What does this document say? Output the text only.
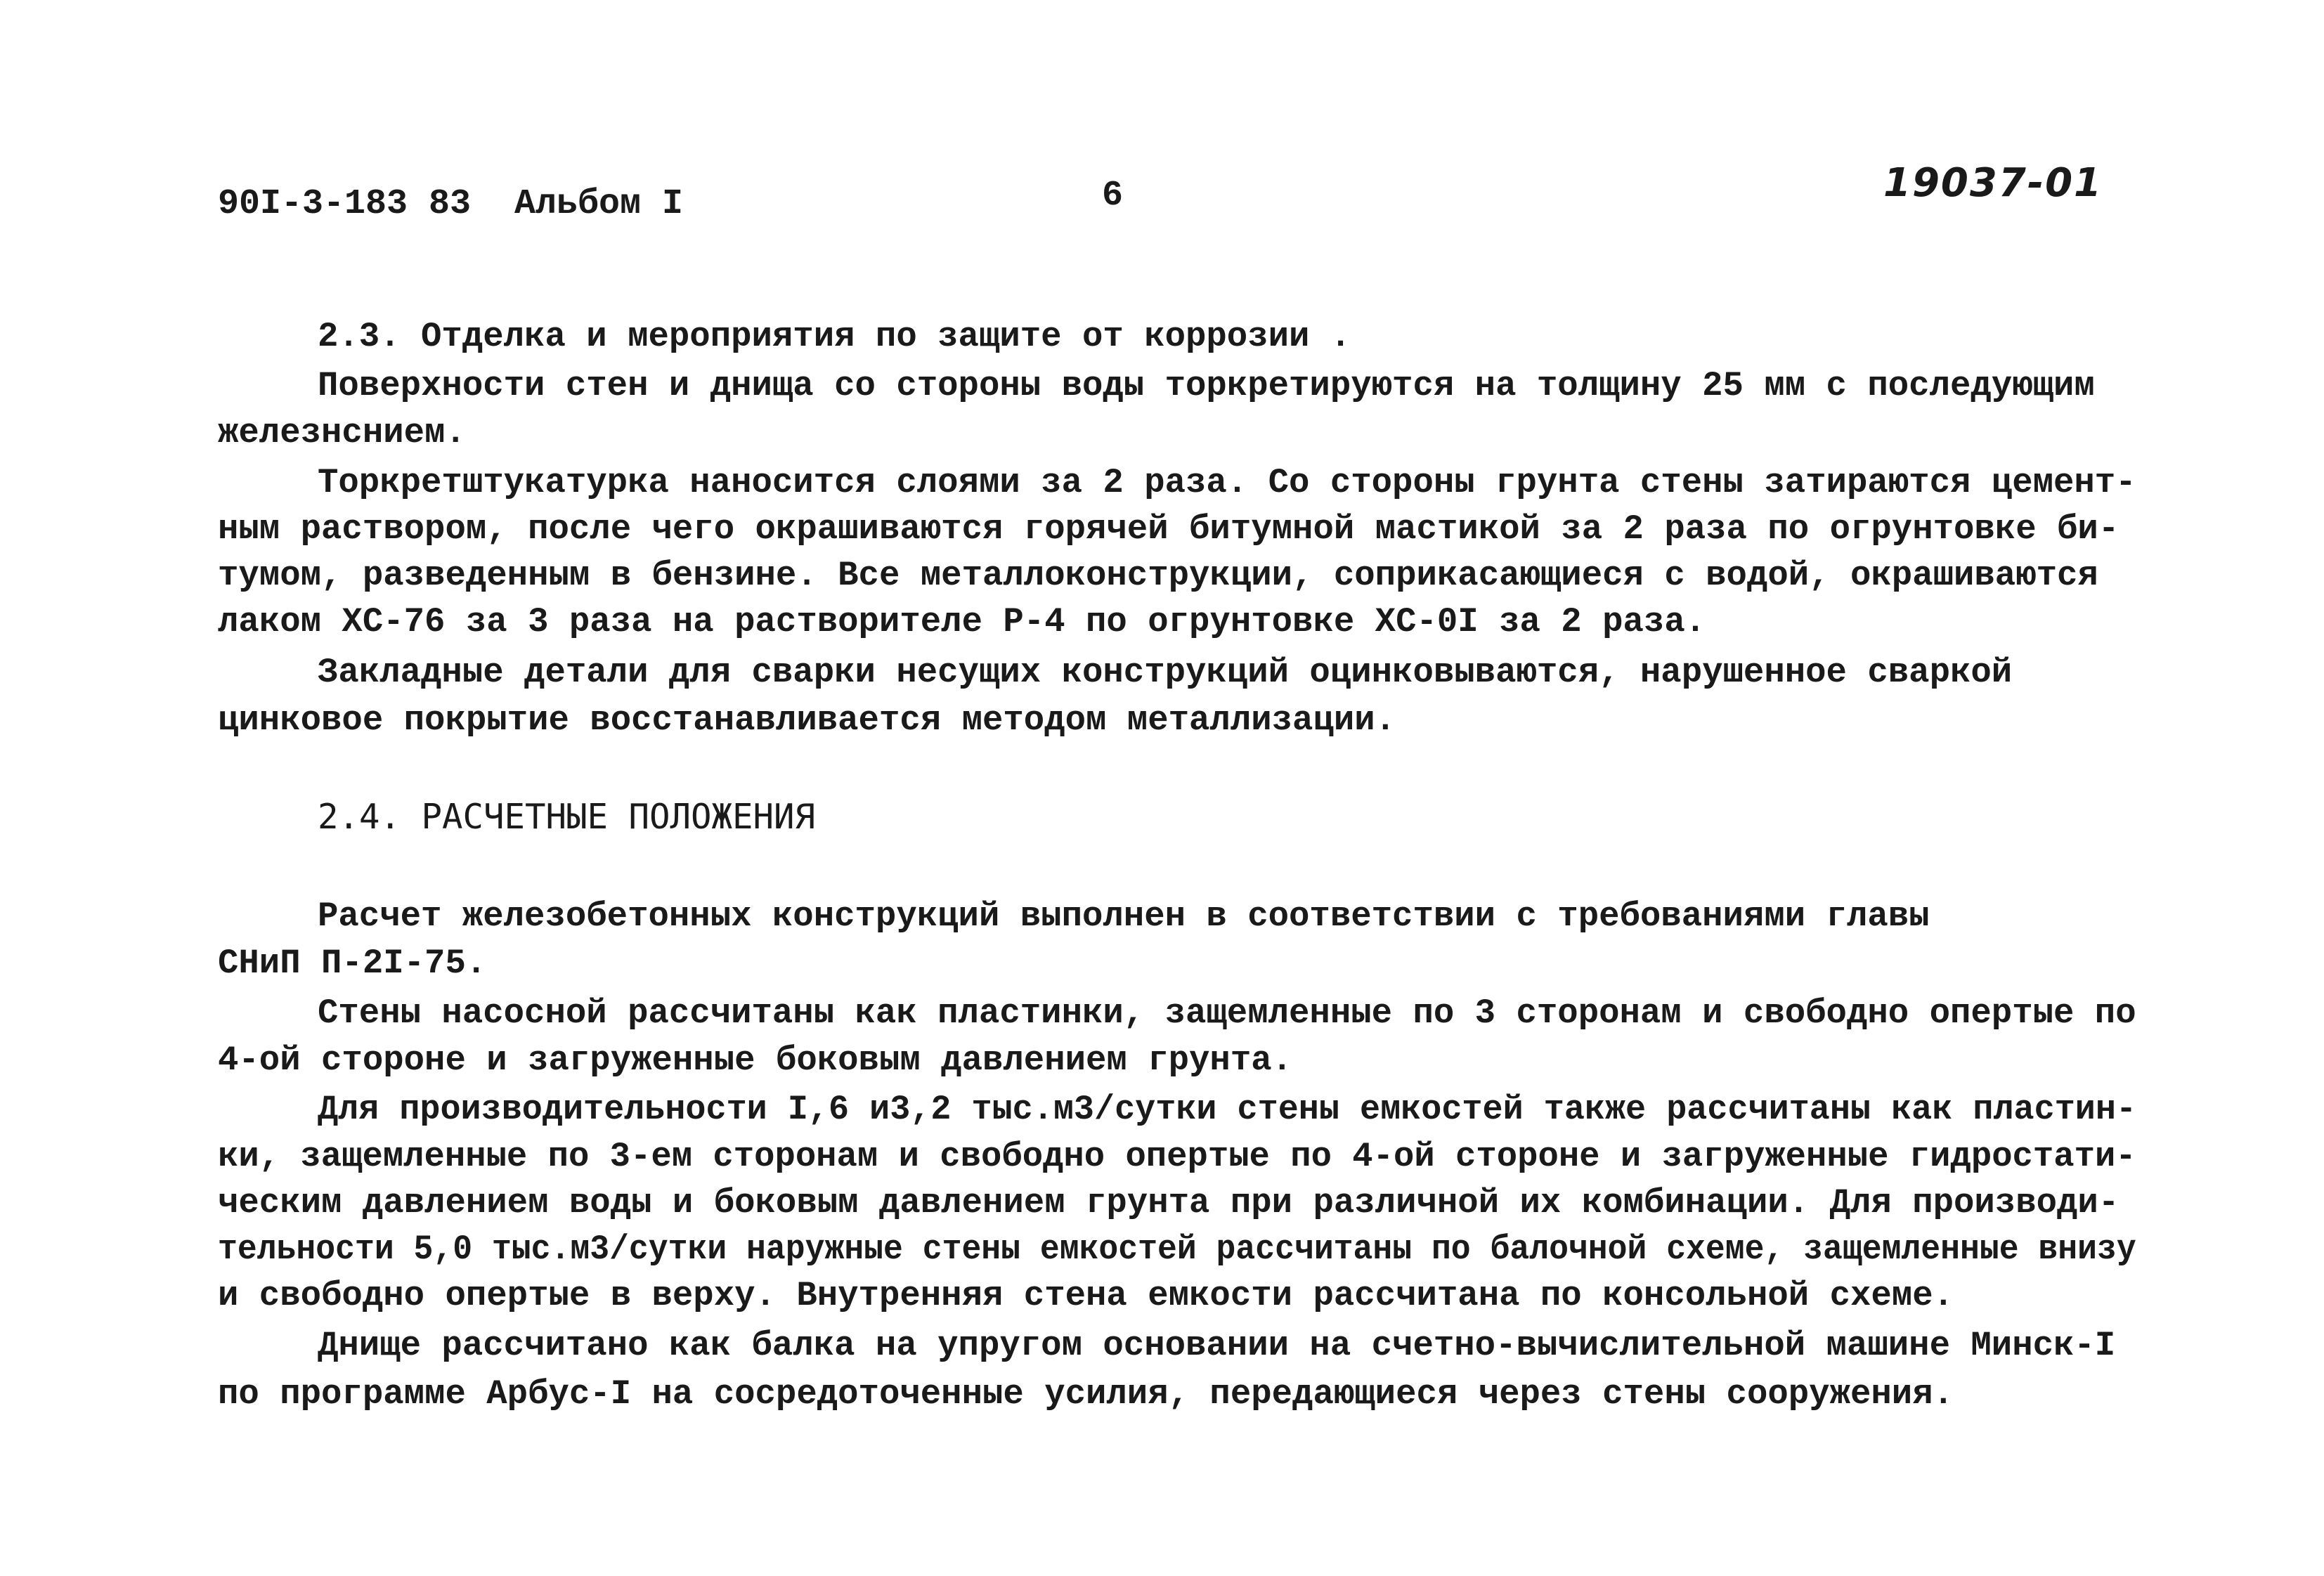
90I-3-183 83 Альбом I	6	19037-01
2.3. Отделка и мероприятия по защите от коррозии .
Поверхности стен и днища со стороны воды торкретируются на толщину 25 мм с последующим
железнснием.
Торкретштукатурка наносится слоями за 2 раза. Со стороны грунта стены затираются цемент-
ным раствором, после чего окрашиваются горячей битумной мастикой за 2 раза по огрунтовке би-
тумом, разведенным в бензине. Все металлоконструкции, соприкасающиеся с водой, окрашиваются
лаком ХС-76 за 3 раза на растворителе Р-4 по огрунтовке ХС-0I за 2 раза.
Закладные детали для сварки несущих конструкций оцинковываются, нарушенное сваркой
цинковое покрытие восстанавливается методом металлизации.
2.4. РАСЧЕТНЫЕ ПОЛОЖЕНИЯ
Расчет железобетонных конструкций выполнен в соответствии с требованиями главы
СНиП П-2I-75.
Стены насосной рассчитаны как пластинки, защемленные по 3 сторонам и свободно опертые по
4-ой стороне и загруженные боковым давлением грунта.
Для производительности I,6 и3,2 тыс.м3/сутки стены емкостей также рассчитаны как пластин-
ки, защемленные по 3-ем сторонам и свободно опертые по 4-ой стороне и загруженные гидростати-
ческим давлением воды и боковым давлением грунта при различной их комбинации. Для производи-
тельности 5,0 тыс.м3/сутки наружные стены емкостей рассчитаны по балочной схеме, защемленные внизу
и свободно опертые в верху. Внутренняя стена емкости рассчитана по консольной схеме.
Днище рассчитано как балка на упругом основании на счетно-вычислительной машине Минск-I
по программе Арбус-I на сосредоточенные усилия, передающиеся через стены сооружения.
